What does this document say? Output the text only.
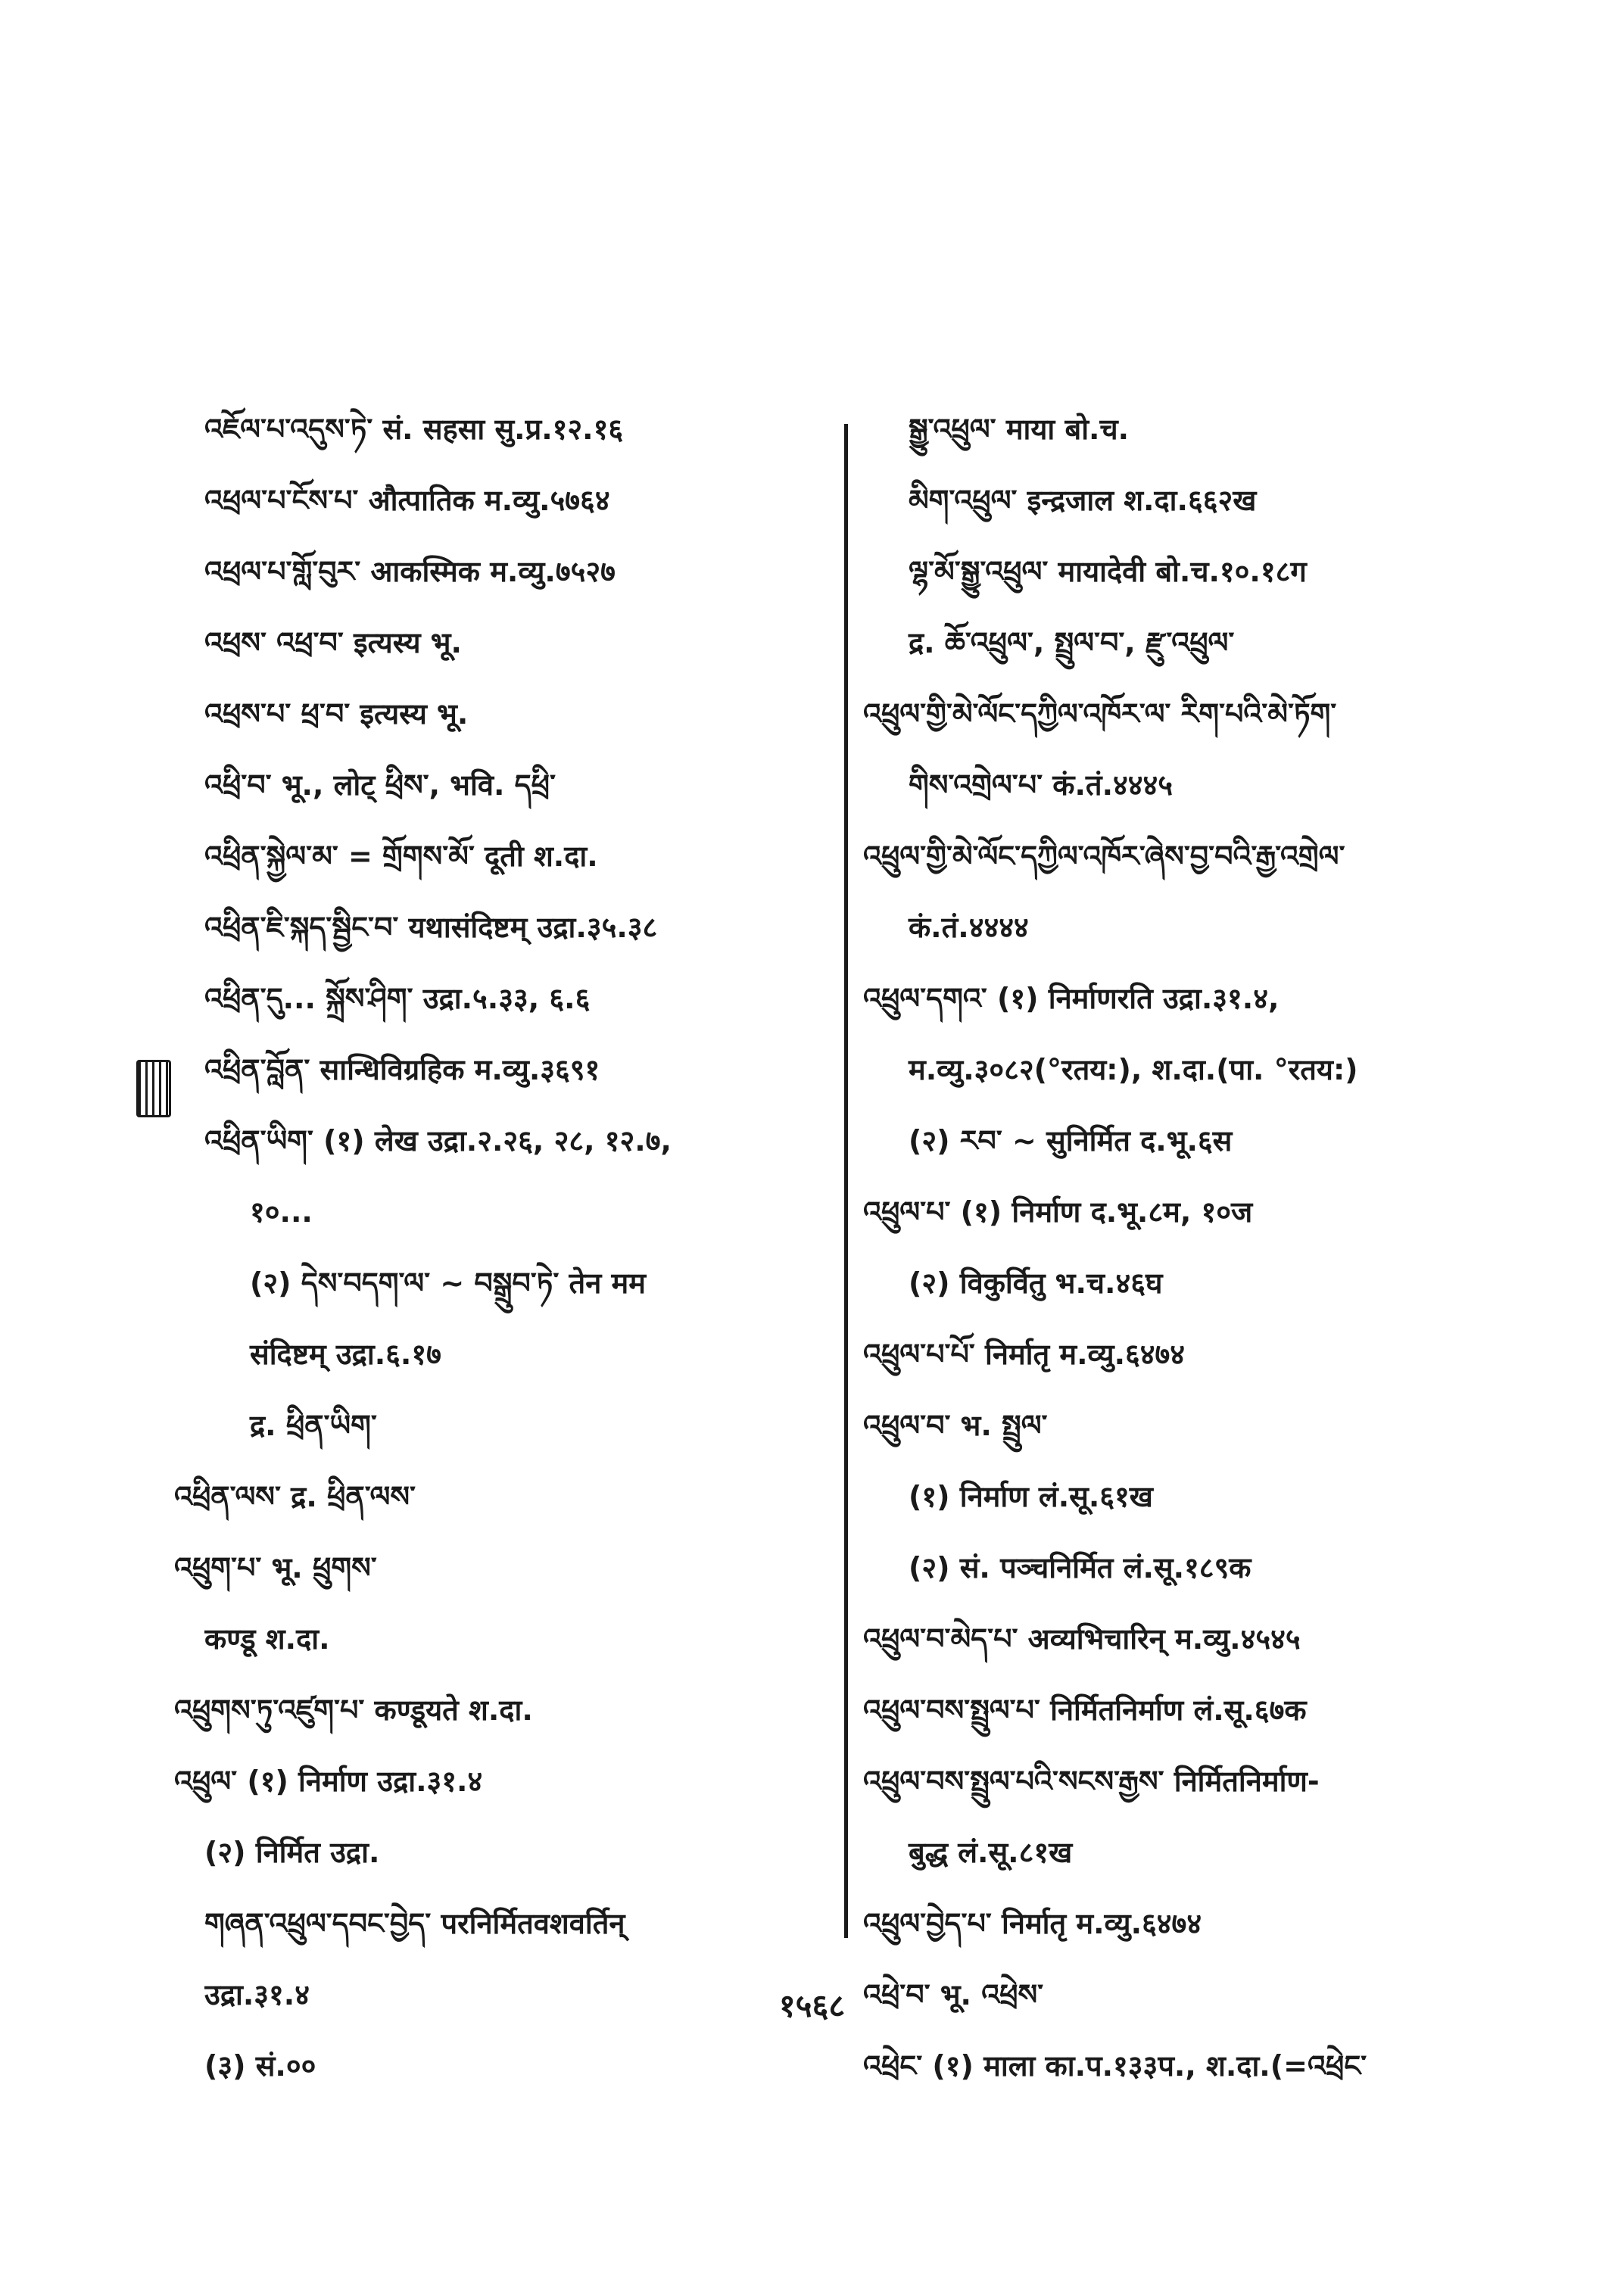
འཇོལ་པ་འདུས་ཏེ་ सं. सहसा सु.प्र.१२.१६
འཕྲལ་པ་ངོས་པ་ औत्पातिक म.व्यु.५७६४
འཕྲལ་པ་གློ་བུར་ आकस्मिक म.व्यु.७५२७
འཕྲས་ འཕྲ་བ་ इत्यस्य भू.
འཕྲས་པ་ ཕྲ་བ་ इत्यस्य भू.
འཕྲི་བ་ भू., लोट् ཕྲིས་, भवि. དཕྲི་
འཕྲིན་སྐྱེལ་མ་ = གྲོགས་མོ་ दूती श.दा.
འཕྲིན་ཇི་སྐད་སྦྱིང་བ་ यथासंदिष्टम् उद्रा.३५.३८
འཕྲིན་དུ... སྐྲོས་ཤིག་ उद्रा.५.३३, ६.६
འཕྲིན་བློན་ सान्धिविग्रहिक म.व्यु.३६९१
འཕྲིན་ཡིག་ (१) लेख उद्रा.२.२६, २८, १२.७,
१०...
(२) དེས་བདག་ལ་ ~ བསྒྲུབ་ཏེ་ तेन मम
संदिष्टम् उद्रा.६.१७
द्र. ཕྲིན་ཡིག་
འཕྲིན་ལས་ द्र. ཕྲིན་ལས་
འཕྲུག་པ་ भू. ཕྲུགས་
कण्डू श.दा.
འཕྲུགས་ཏུ་འཛུག་པ་ कण्डूयते श.दा.
འཕྲུལ་ (१) निर्माण उद्रा.३१.४
(२) निर्मित उद्रा.
གཞན་འཕྲུལ་དབང་བྱེད་ परनिर्मितवशवर्तिन्
उद्रा.३१.४
(३) सं.००
སྒྱུ་འཕྲུལ་ माया बो.च.
མིག་འཕྲུལ་ इन्द्रजाल श.दा.६६२ख
ལྷ་མོ་སྒྱུ་འཕྲུལ་ मायादेवी बो.च.१०.१८ग
द्र. ཆོ་འཕྲུལ་, སྤྲུལ་བ་, རྫུ་འཕྲུལ་
འཕྲུལ་གྱི་མེ་ལོང་དཀྱིལ་འཁོར་ལ་ རིག་པའི་མེ་ཏོག་
གིས་འགྲེལ་པ་ कं.तं.४४४५
འཕྲུལ་གྱི་མེ་ལོང་དཀྱིལ་འཁོར་ཞེས་བྱ་བའི་རྒྱ་འགྲེལ་
कं.तं.४४४४
འཕྲུལ་དགའ་ (१) निर्माणरति उद्रा.३१.४,
म.व्यु.३०८२(°रतय:), श.दा.(पा. °रतय:)
(२) རབ་ ~ सुनिर्मित द.भू.६स
འཕྲུལ་པ་ (१) निर्माण द.भू.८म, १०ज
(२) विकुर्वितु भ.च.४६घ
འཕྲུལ་པ་པོ་ निर्मातृ म.व्यु.६४७४
འཕྲུལ་བ་ भ. སྤྲུལ་
(१) निर्माण लं.सू.६१ख
(२) सं. पञ्चनिर्मित लं.सू.१८९क
འཕྲུལ་བ་མེད་པ་ अव्यभिचारिन् म.व्यु.४५४५
འཕྲུལ་བས་སྤྲུལ་པ་ निर्मितनिर्माण लं.सू.६७क
འཕྲུལ་བས་སྤྲུལ་པའི་སངས་རྒྱས་ निर्मितनिर्माण-
बुद्ध लं.सू.८१ख
འཕྲུལ་བྱེད་པ་ निर्मातृ म.व्यु.६४७४
འཕྲེ་བ་ भू. འཕྲེས་
འཕྲེང་ (१) माला का.प.१३३प., श.दा.(=འཕྲེང་
१५६८
